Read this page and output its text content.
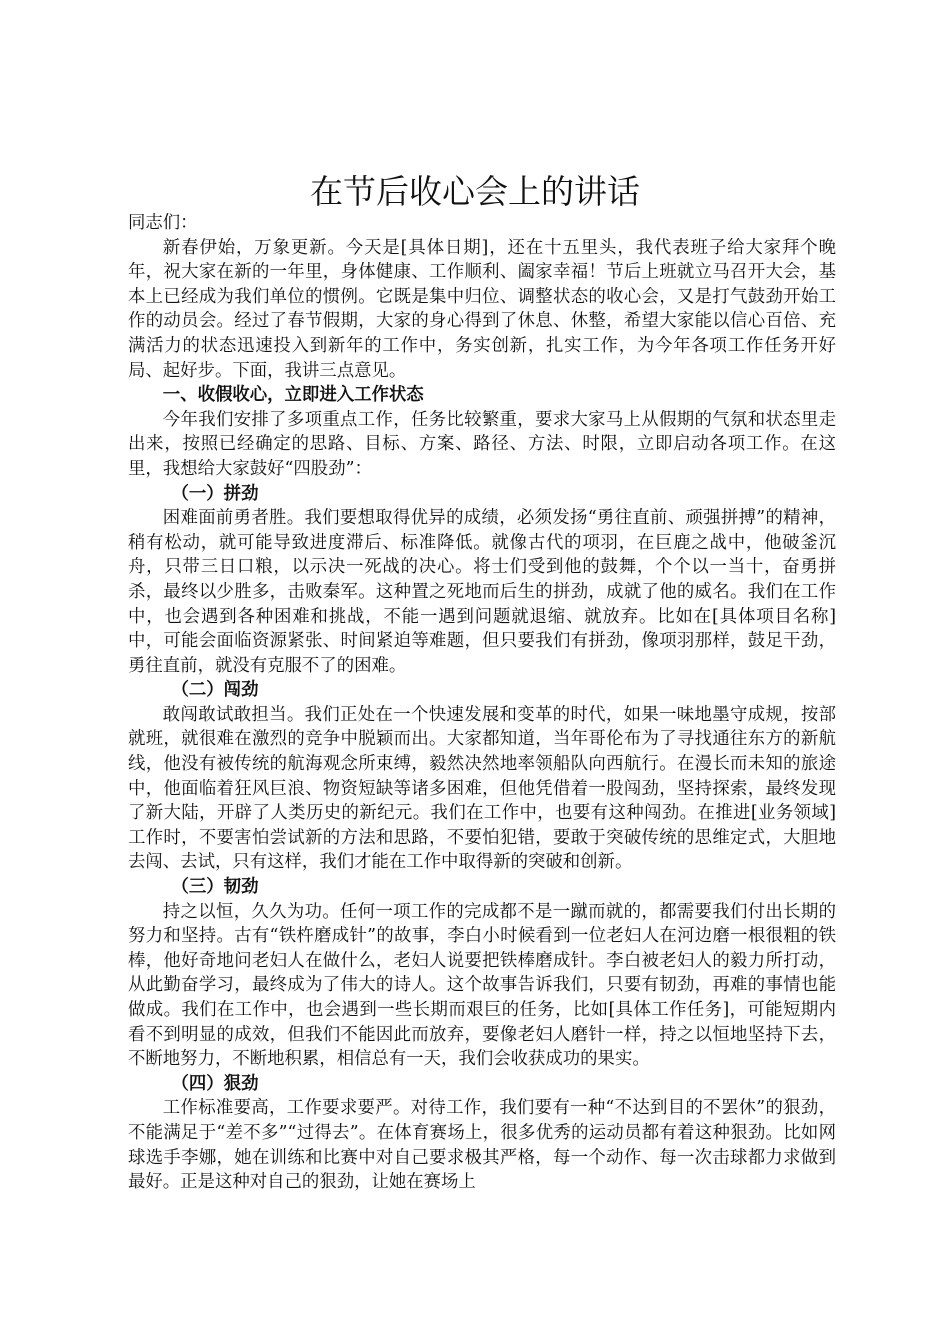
在节后收心会上的讲话

同志们：

新春伊始，万象更新。今天是[具体日期]，还在十五里头，我代表班子给大家拜个晚年，祝大家在新的一年里，身体健康、工作顺利、阖家幸福！节后上班就立马召开大会，基本上已经成为我们单位的惯例。它既是集中归位、调整状态的收心会，又是打气鼓劲开始工作的动员会。经过了春节假期，大家的身心得到了休息、休整，希望大家能以信心百倍、充满活力的状态迅速投入到新年的工作中，务实创新，扎实工作，为今年各项工作任务开好局、起好步。下面，我讲三点意见。

一、收假收心，立即进入工作状态

今年我们安排了多项重点工作，任务比较繁重，要求大家马上从假期的气氛和状态里走出来，按照已经确定的思路、目标、方案、路径、方法、时限，立即启动各项工作。在这里，我想给大家鼓好“四股劲”：

（一）拼劲

困难面前勇者胜。我们要想取得优异的成绩，必须发扬“勇往直前、顽强拼搏”的精神，稍有松动，就可能导致进度滞后、标准降低。就像古代的项羽，在巨鹿之战中，他破釜沉舟，只带三日口粮，以示决一死战的决心。将士们受到他的鼓舞，个个以一当十，奋勇拼杀，最终以少胜多，击败秦军。这种置之死地而后生的拼劲，成就了他的威名。我们在工作中，也会遇到各种困难和挑战，不能一遇到问题就退缩、就放弃。比如在[具体项目名称]中，可能会面临资源紧张、时间紧迫等难题，但只要我们有拼劲，像项羽那样，鼓足干劲，勇往直前，就没有克服不了的困难。

（二）闯劲

敢闯敢试敢担当。我们正处在一个快速发展和变革的时代，如果一味地墨守成规，按部就班，就很难在激烈的竞争中脱颖而出。大家都知道，当年哥伦布为了寻找通往东方的新航线，他没有被传统的航海观念所束缚，毅然决然地率领船队向西航行。在漫长而未知的旅途中，他面临着狂风巨浪、物资短缺等诸多困难，但他凭借着一股闯劲，坚持探索，最终发现了新大陆，开辟了人类历史的新纪元。我们在工作中，也要有这种闯劲。在推进[业务领域]工作时，不要害怕尝试新的方法和思路，不要怕犯错，要敢于突破传统的思维定式，大胆地去闯、去试，只有这样，我们才能在工作中取得新的突破和创新。

（三）韧劲

持之以恒，久久为功。任何一项工作的完成都不是一蹴而就的，都需要我们付出长期的努力和坚持。古有“铁杵磨成针”的故事，李白小时候看到一位老妇人在河边磨一根很粗的铁棒，他好奇地问老妇人在做什么，老妇人说要把铁棒磨成针。李白被老妇人的毅力所打动，从此勤奋学习，最终成为了伟大的诗人。这个故事告诉我们，只要有韧劲，再难的事情也能做成。我们在工作中，也会遇到一些长期而艰巨的任务，比如[具体工作任务]，可能短期内看不到明显的成效，但我们不能因此而放弃，要像老妇人磨针一样，持之以恒地坚持下去，不断地努力，不断地积累，相信总有一天，我们会收获成功的果实。

（四）狠劲

工作标准要高，工作要求要严。对待工作，我们要有一种“不达到目的不罢休”的狠劲，不能满足于“差不多”“过得去”。在体育赛场上，很多优秀的运动员都有着这种狠劲。比如网球选手李娜，她在训练和比赛中对自己要求极其严格，每一个动作、每一次击球都力求做到最好。正是这种对自己的狠劲，让她在赛场上
